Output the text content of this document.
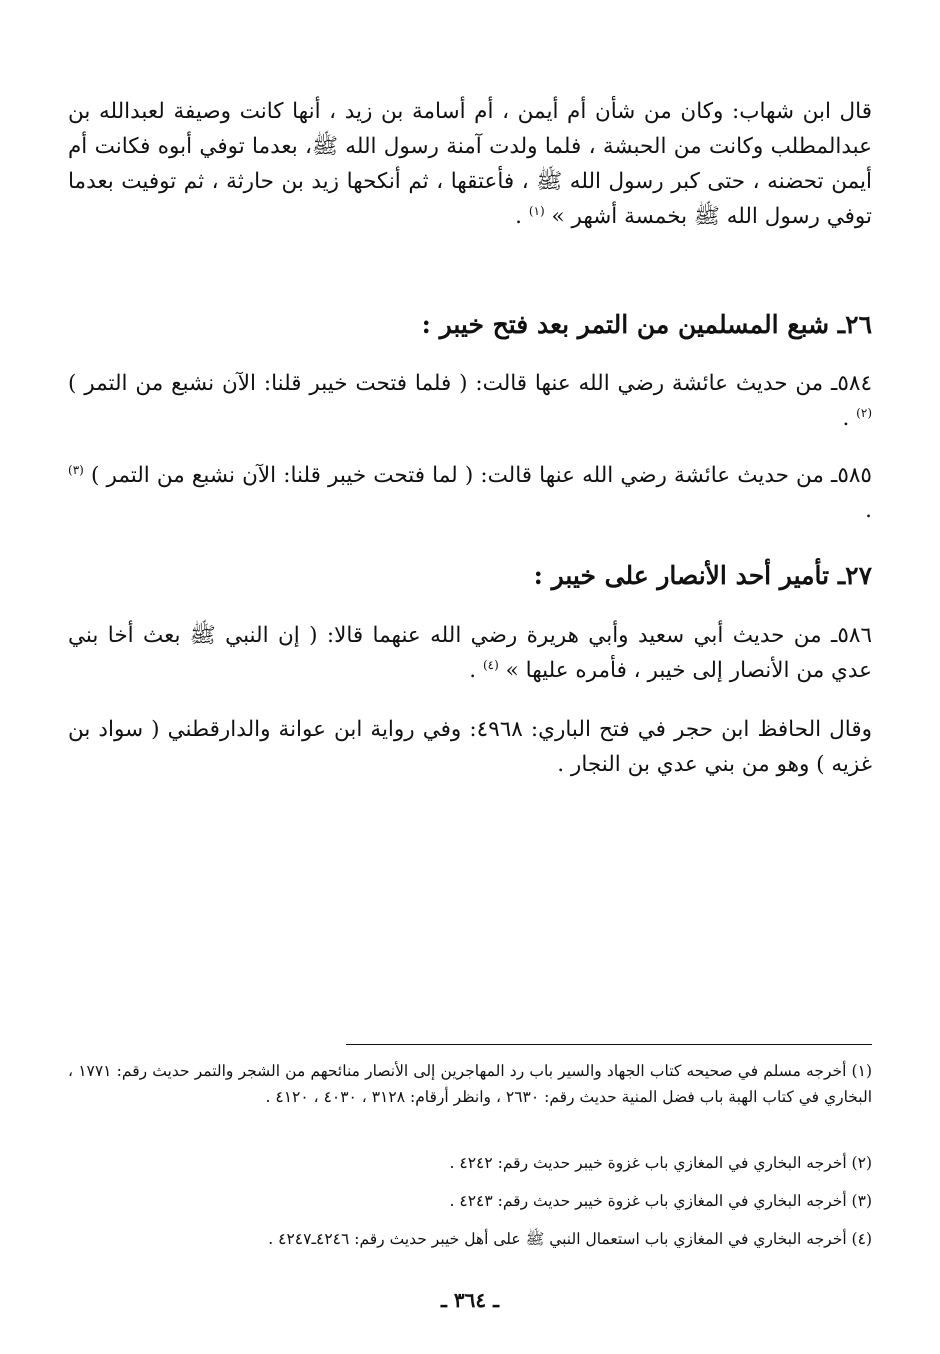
قال ابن شهاب: وكان من شأن أم أيمن ، أم أسامة بن زيد ، أنها كانت وصيفة لعبدالله بن عبدالمطلب وكانت من الحبشة ، فلما ولدت آمنة رسول الله ﷺ، بعدما توفي أبوه فكانت أم أيمن تحضنه ، حتى كبر رسول الله ﷺ ، فأعتقها ، ثم أنكحها زيد بن حارثة ، ثم توفيت بعدما توفي رسول الله ﷺ بخمسة أشهر » $^{(١)}$ .

٢٦ـ شبع المسلمين من التمر بعد فتح خيبر :

٥٨٤ـ من حديث عائشة رضي الله عنها قالت: ( فلما فتحت خيبر قلنا: الآن نشبع من التمر ) $^{(٢)}$ .

٥٨٥ـ من حديث عائشة رضي الله عنها قالت: ( لما فتحت خيبر قلنا: الآن نشبع من التمر ) $^{(٣)}$ .

٢٧ـ تأمير أحد الأنصار على خيبر :

٥٨٦ـ من حديث أبي سعيد وأبي هريرة رضي الله عنهما قالا: ( إن النبي ﷺ بعث أخا بني عدي من الأنصار إلى خيبر ، فأمره عليها » $^{(٤)}$ .

وقال الحافظ ابن حجر في فتح الباري: ٤٩٦٨: وفي رواية ابن عوانة والدارقطني ( سواد بن غزيه ) وهو من بني عدي بن النجار .

(١) أخرجه مسلم في صحيحه كتاب الجهاد والسير باب رد المهاجرين إلى الأنصار منائحهم من الشجر والتمر حديث رقم: ١٧٧١ ، البخاري في كتاب الهبة باب فضل المنية حديث رقم: ٢٦٣٠ ، وانظر أرقام: ٣١٢٨ ، ٤٠٣٠ ، ٤١٢٠ .

(٢) أخرجه البخاري في المغازي باب غزوة خيبر حديث رقم: ٤٢٤٢ .

(٣) أخرجه البخاري في المغازي باب غزوة خيبر حديث رقم: ٤٢٤٣ .

(٤) أخرجه البخاري في المغازي باب استعمال النبي ﷺ على أهل خيبر حديث رقم: ٤٢٤٦ـ٤٢٤٧ .

ـ ٣٦٤ ـ
